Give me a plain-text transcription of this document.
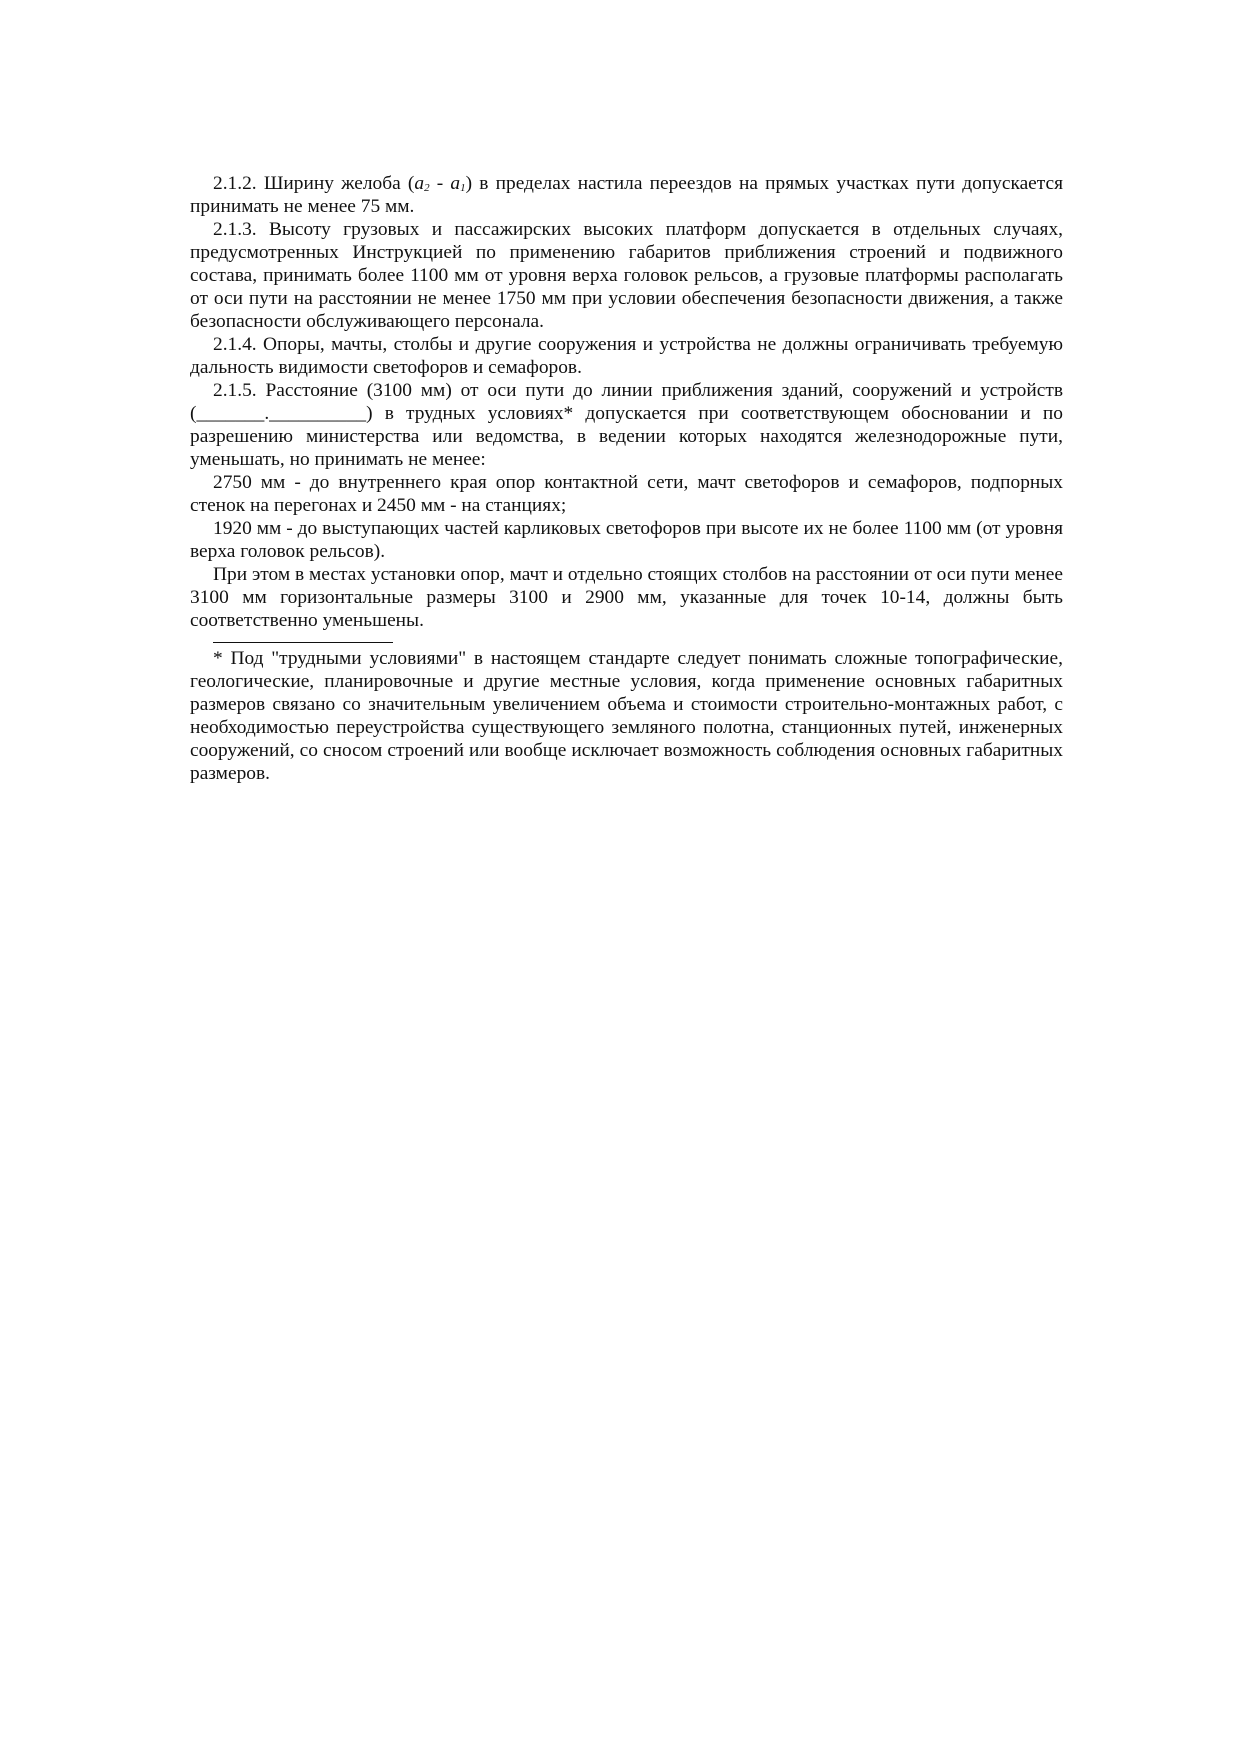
2.1.2. Ширину желоба $(a_2 - a_1)$ в пределах настила переездов на прямых участках пути допускается принимать не менее 75 мм.

2.1.3. Высоту грузовых и пассажирских высоких платформ допускается в отдельных случаях, предусмотренных Инструкцией по применению габаритов приближения строений и подвижного состава, принимать более 1100 мм от уровня верха головок рельсов, а грузовые платформы располагать от оси пути на расстоянии не менее 1750 мм при условии обеспечения безопасности движения, а также безопасности обслуживающего персонала.

2.1.4. Опоры, мачты, столбы и другие сооружения и устройства не должны ограничивать требуемую дальность видимости светофоров и семафоров.

2.1.5. Расстояние (3100 мм) от оси пути до линии приближения зданий, сооружений и устройств (_______.__________) в трудных условиях* допускается при соответствующем обосновании и по разрешению министерства или ведомства, в ведении которых находятся железнодорожные пути, уменьшать, но принимать не менее:

2750 мм - до внутреннего края опор контактной сети, мачт светофоров и семафоров, подпорных стенок на перегонах и 2450 мм - на станциях;

1920 мм - до выступающих частей карликовых светофоров при высоте их не более 1100 мм (от уровня верха головок рельсов).

При этом в местах установки опор, мачт и отдельно стоящих столбов на расстоянии от оси пути менее 3100 мм горизонтальные размеры 3100 и 2900 мм, указанные для точек 10-14, должны быть соответственно уменьшены.

* Под "трудными условиями" в настоящем стандарте следует понимать сложные топографические, геологические, планировочные и другие местные условия, когда применение основных габаритных размеров связано со значительным увеличением объема и стоимости строительно-монтажных работ, с необходимостью переустройства существующего земляного полотна, станционных путей, инженерных сооружений, со сносом строений или вообще исключает возможность соблюдения основных габаритных размеров.
